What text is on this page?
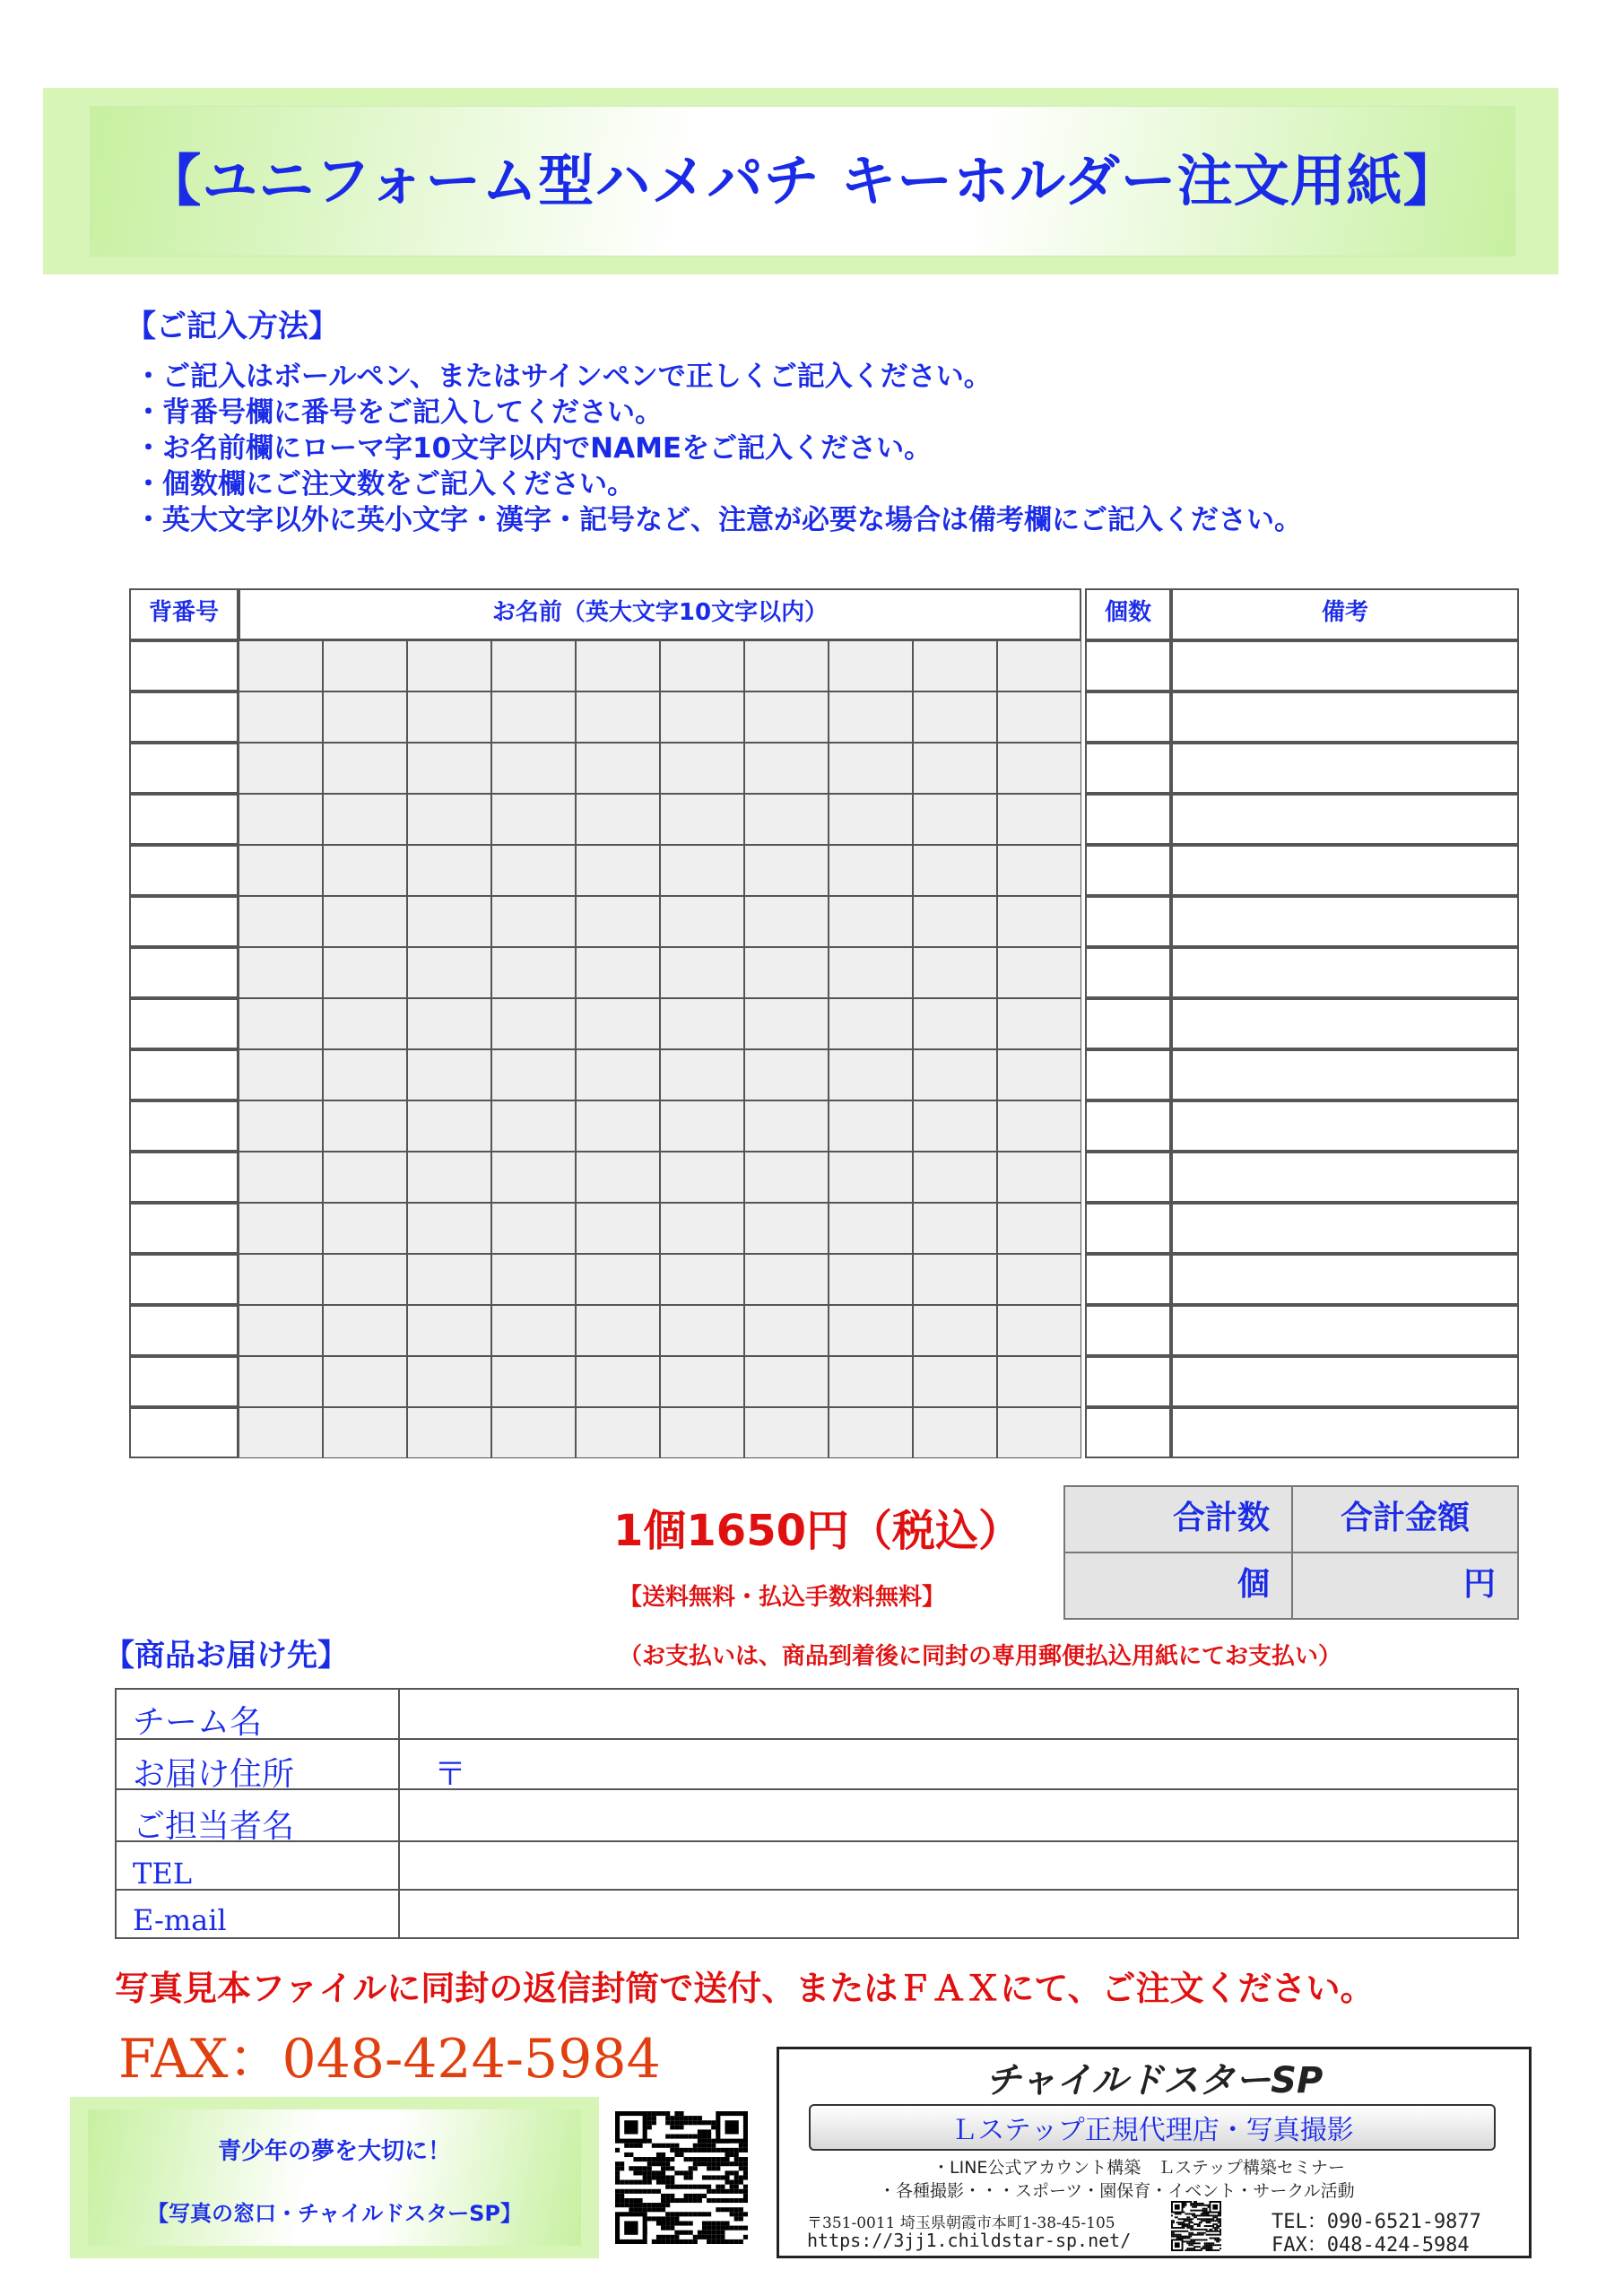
【ユニフォーム型ハメパチ キーホルダー注文用紙】
【ご記入方法】
・ご記入はボールペン、またはサインペンで正しくご記入ください。
・背番号欄に番号をご記入してください。
・お名前欄にローマ字10文字以内でNAMEをご記入ください。
・個数欄にご注文数をご記入ください。
・英大文字以外に英小文字・漢字・記号など、注意が必要な場合は備考欄にご記入ください。
背番号	お名前（英大文字10文字以内）	個数	備考
1個1650円（税込）
【送料無料・払込手数料無料】
合計数	合計金額
個	円
【商品お届け先】	（お支払いは、商品到着後に同封の専用郵便払込用紙にてお支払い）
チーム名
お届け住所	〒
ご担当者名
TEL
E-mail
写真見本ファイルに同封の返信封筒で送付、またはＦＡＸにて、ご注文ください。
FAX：048-424-5984
青少年の夢を大切に！
【写真の窓口・チャイルドスターSP】
チャイルドスターSP
Ｌステップ正規代理店・写真撮影
・LINE公式アカウント構築　Ｌステップ構築セミナー
・各種撮影・・・スポーツ・園保育・イベント・サークル活動
〒351-0011 埼玉県朝霞市本町1-38-45-105
https://3jj1.childstar-sp.net/
TEL：090-6521-9877
FAX：048-424-5984
